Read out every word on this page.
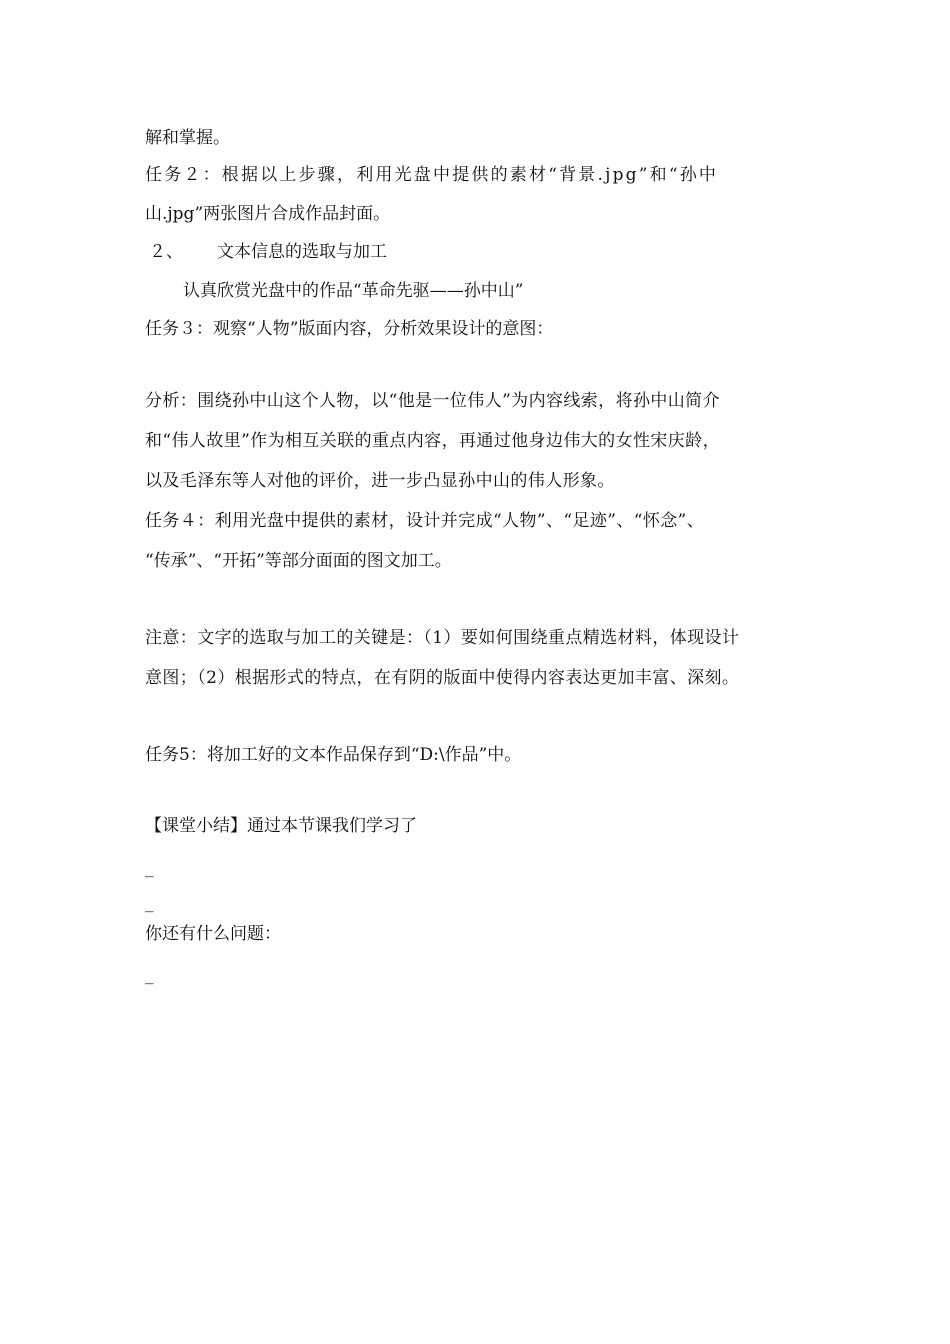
解和掌握。
任务２：根据以上步骤，利用光盘中提供的素材“背景.jpg”和“孙中
山.jpg”两张图片合成作品封面。
２、 文本信息的选取与加工
认真欣赏光盘中的作品“革命先驱——孙中山”
任务３：观察“人物”版面内容，分析效果设计的意图：
分析：围绕孙中山这个人物，以“他是一位伟人”为内容线索，将孙中山简介
和“伟人故里”作为相互关联的重点内容，再通过他身边伟大的女性宋庆龄，
以及毛泽东等人对他的评价，进一步凸显孙中山的伟人形象。
任务４：利用光盘中提供的素材，设计并完成“人物”、“足迹”、“怀念”、
“传承”、“开拓”等部分面面的图文加工。
注意：文字的选取与加工的关键是：（1）要如何围绕重点精选材料，体现设计
意图；（2）根据形式的特点，在有阴的版面中使得内容表达更加丰富、深刻。
任务5：将加工好的文本作品保存到“D:\作品”中。
【课堂小结】通过本节课我们学习了
_
_
你还有什么问题：
_
